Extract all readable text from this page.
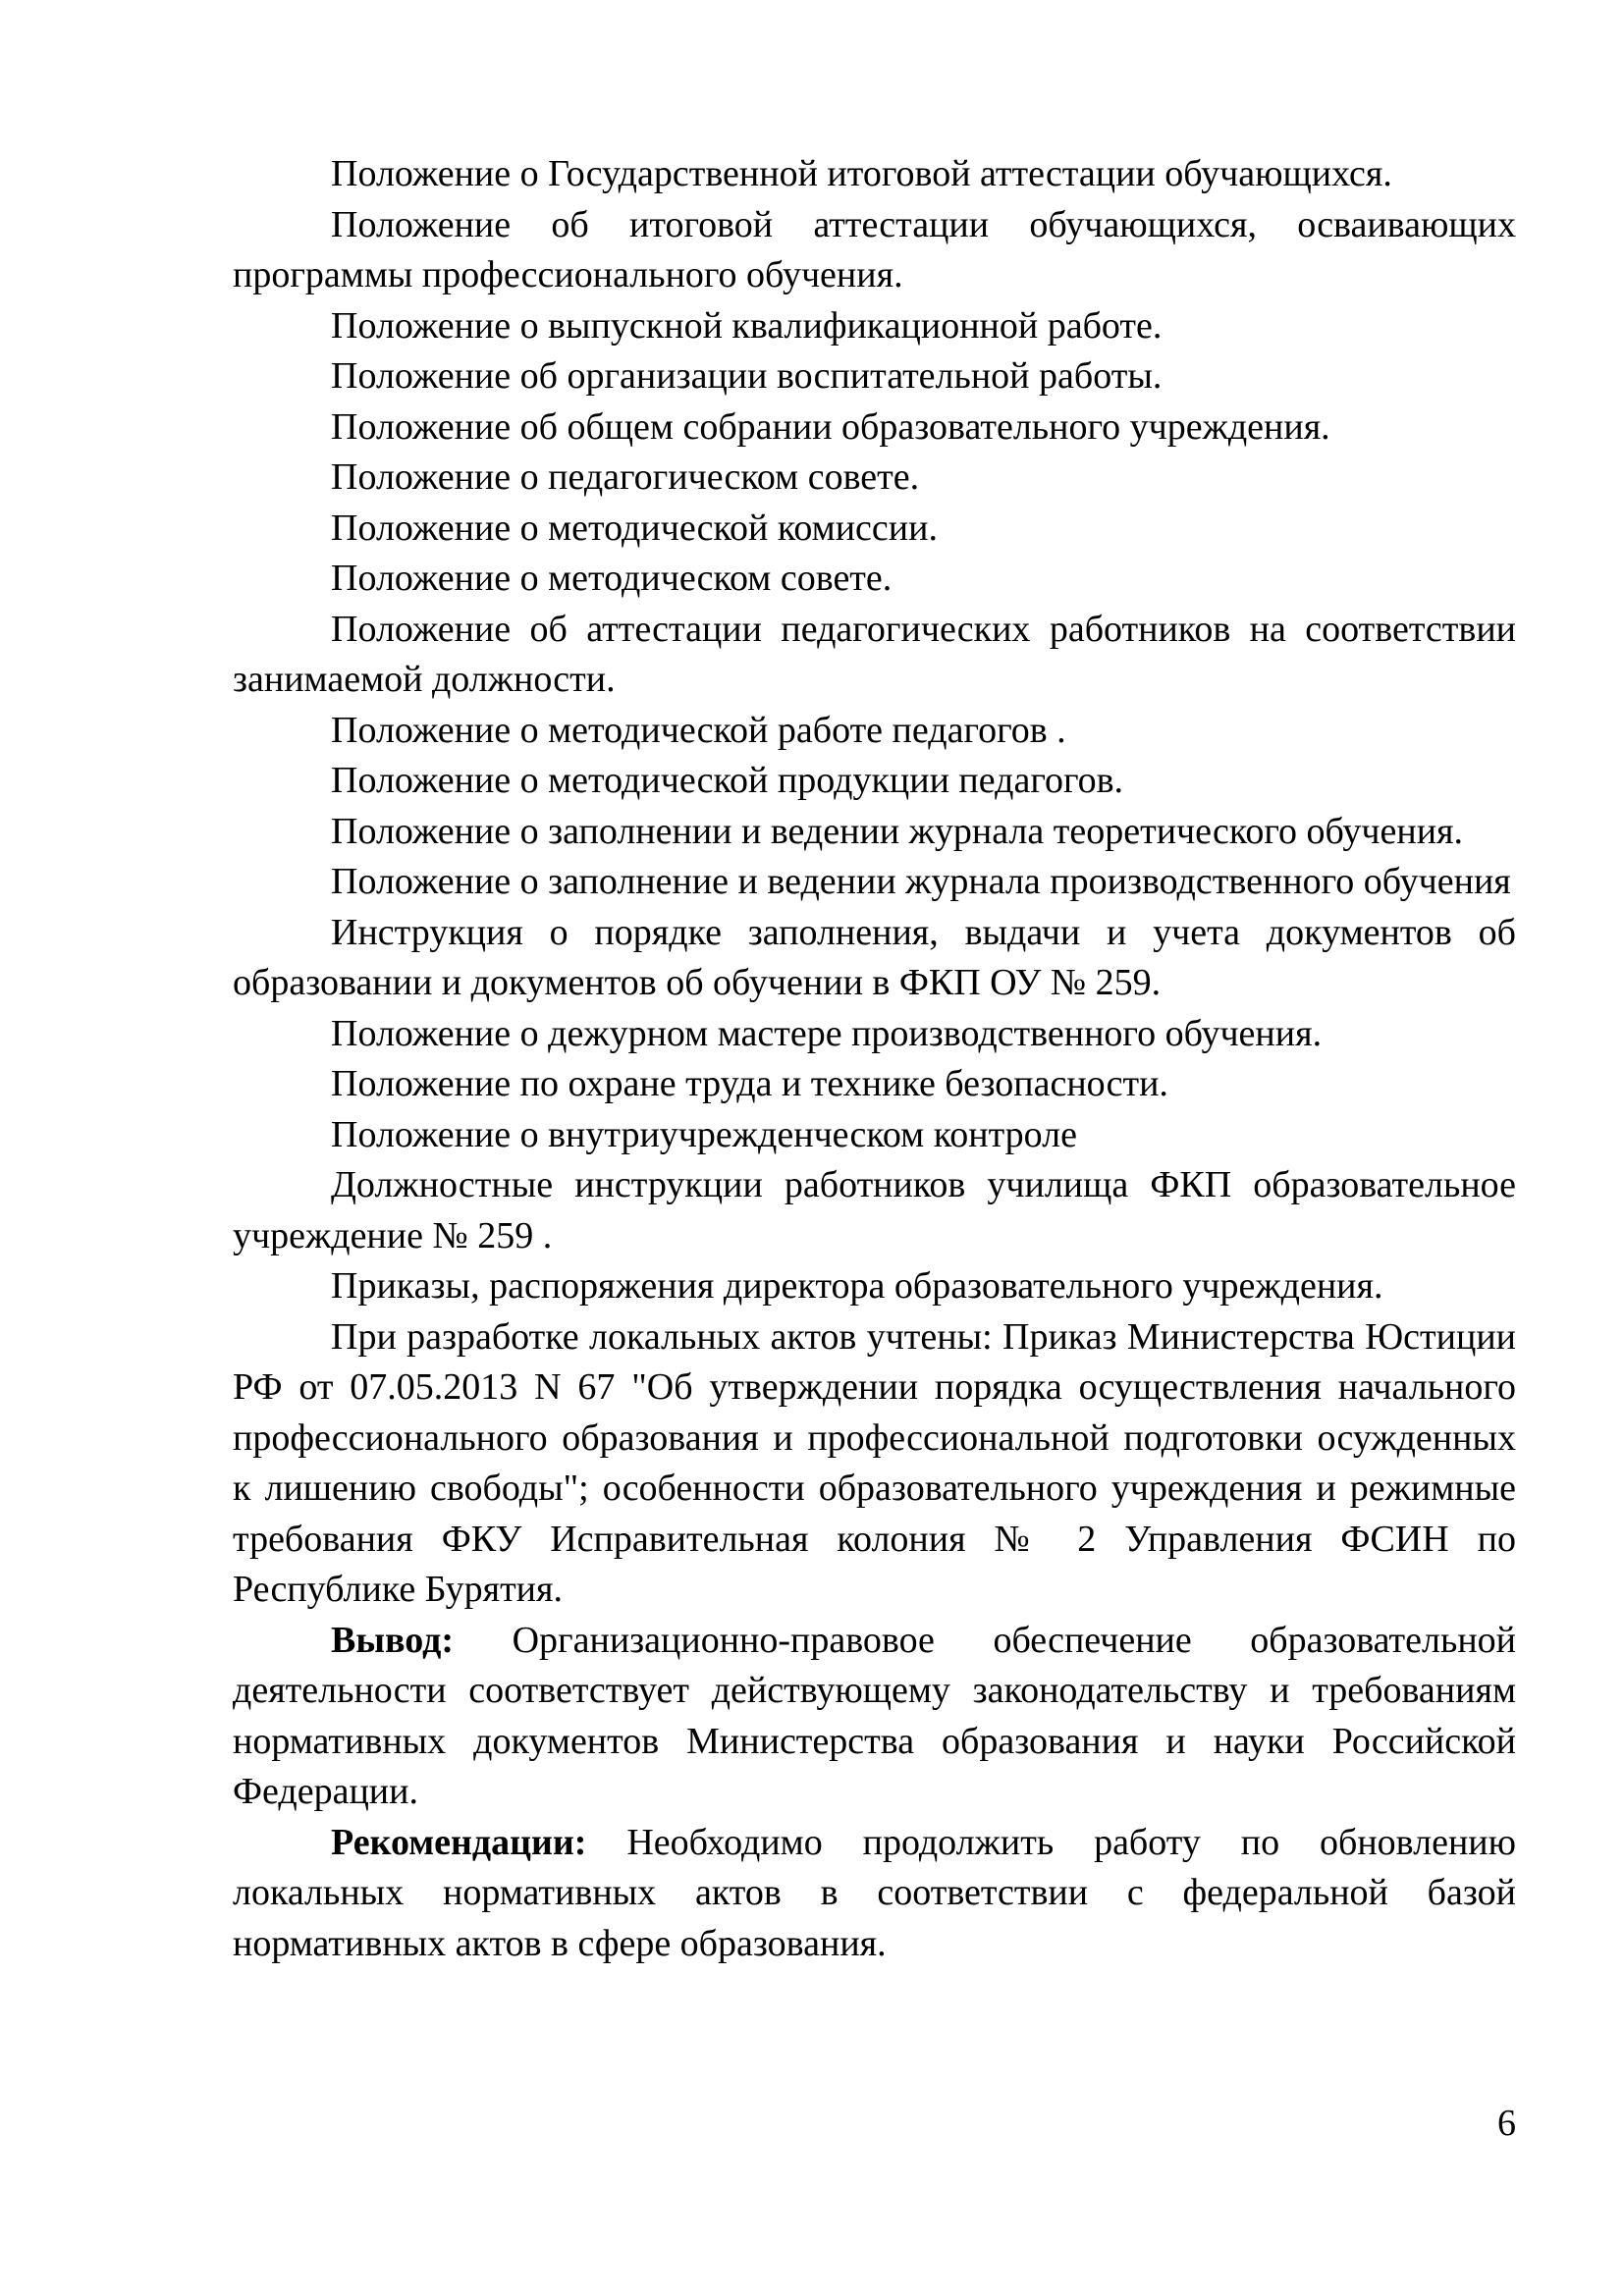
Положение о Государственной итоговой аттестации обучающихся.

Положение об итоговой аттестации обучающихся, осваивающих программы профессионального обучения.

Положение о выпускной квалификационной работе.

Положение об организации воспитательной работы.

Положение об общем собрании образовательного учреждения.

Положение о педагогическом совете.

Положение о методической комиссии.

Положение о методическом совете.

Положение об аттестации педагогических работников на соответствии занимаемой должности.

Положение о методической работе педагогов .

Положение о методической продукции педагогов.

Положение о заполнении и ведении журнала теоретического обучения.

Положение о заполнение и ведении журнала производственного обучения

Инструкция о порядке заполнения, выдачи и учета документов об образовании и документов об обучении в ФКП ОУ № 259.

Положение о дежурном мастере производственного обучения.

Положение по охране труда и технике безопасности.

Положение о внутриучрежденческом контроле

Должностные инструкции работников училища ФКП образовательное учреждение № 259 .

Приказы, распоряжения директора образовательного учреждения.

При разработке локальных актов учтены: Приказ Министерства Юстиции РФ от 07.05.2013 N 67 "Об утверждении порядка осуществления начального профессионального образования и профессиональной подготовки осужденных к лишению свободы"; особенности образовательного учреждения и режимные требования ФКУ Исправительная колония № 2 Управления ФСИН по Республике Бурятия.

Вывод: Организационно-правовое обеспечение образовательной деятельности соответствует действующему законодательству и требованиям нормативных документов Министерства образования и науки Российской Федерации.

Рекомендации: Необходимо продолжить работу по обновлению локальных нормативных актов в соответствии с федеральной базой нормативных актов в сфере образования.

6
